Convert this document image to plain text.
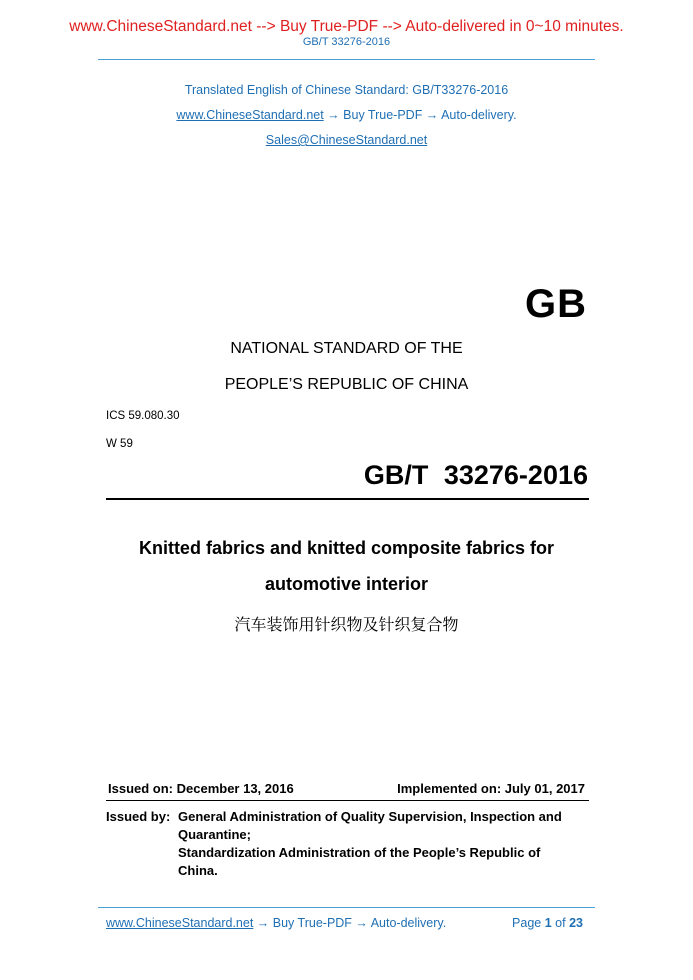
www.ChineseStandard.net --> Buy True-PDF --> Auto-delivered in 0~10 minutes.
GB/T 33276-2016
Translated English of Chinese Standard: GB/T33276-2016
www.ChineseStandard.net → Buy True-PDF → Auto-delivery.
Sales@ChineseStandard.net
GB
NATIONAL STANDARD OF THE
PEOPLE’S REPUBLIC OF CHINA
ICS 59.080.30
W 59
GB/T 33276-2016
Knitted fabrics and knitted composite fabrics for
automotive interior
汽车装饰用针织物及针织复合物
Issued on: December 13, 2016	Implemented on: July 01, 2017
Issued by: General Administration of Quality Supervision, Inspection and
Quarantine;
Standardization Administration of the People’s Republic of
China.
www.ChineseStandard.net → Buy True-PDF → Auto-delivery.	Page 1 of 23
